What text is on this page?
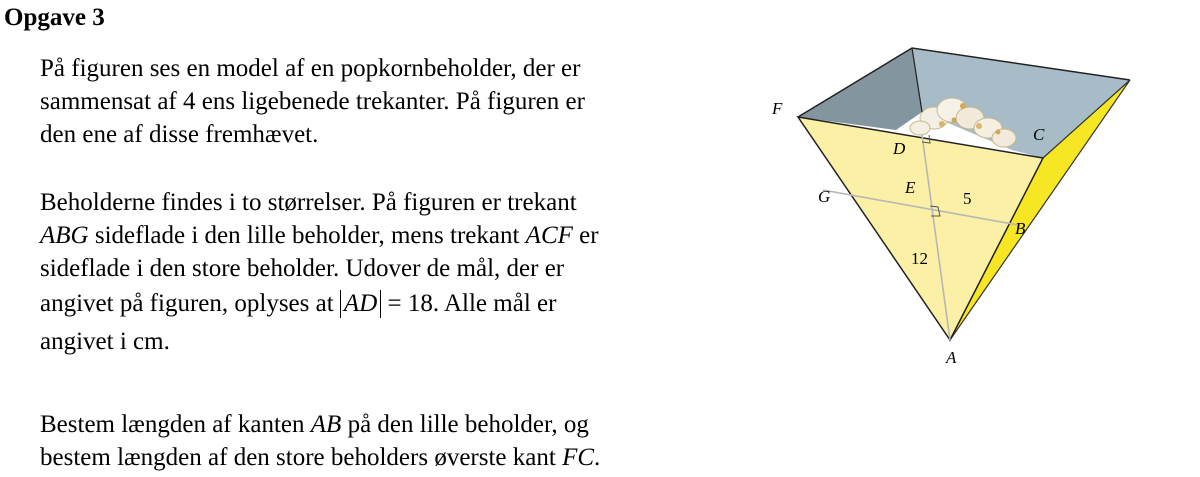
Opgave 3
På figuren ses en model af en popkornbeholder, der er
sammensat af 4 ens ligebenede trekanter. På figuren er
den ene af disse fremhævet.
Beholderne findes i to størrelser. På figuren er trekant
ABG sideflade i den lille beholder, mens trekant ACF er
sideflade i den store beholder. Udover de mål, der er
angivet på figuren, oplyses at AD = 18. Alle mål er
angivet i cm.
Bestem længden af kanten AB på den lille beholder, og
bestem længden af den store beholders øverste kant FC.
F
C
D
E
G
B
A
5
12
